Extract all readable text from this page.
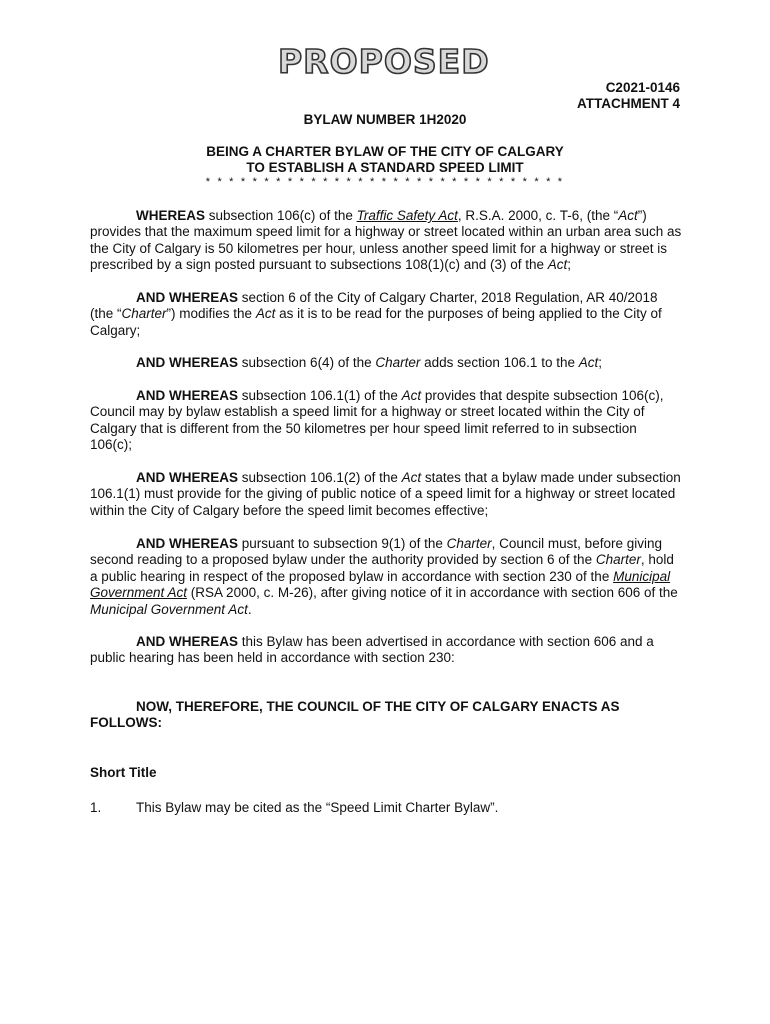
PROPOSED
C2021-0146
ATTACHMENT 4
BYLAW NUMBER 1H2020
BEING A CHARTER BYLAW OF THE CITY OF CALGARY
TO ESTABLISH A STANDARD SPEED LIMIT
* * * * * * * * * * * * * * * * * * * * * * * * * * * * * * *

WHEREAS subsection 106(c) of the Traffic Safety Act, R.S.A. 2000, c. T-6, (the “Act”) provides that the maximum speed limit for a highway or street located within an urban area such as the City of Calgary is 50 kilometres per hour, unless another speed limit for a highway or street is prescribed by a sign posted pursuant to subsections 108(1)(c) and (3) of the Act;

AND WHEREAS section 6 of the City of Calgary Charter, 2018 Regulation, AR 40/2018 (the “Charter”) modifies the Act as it is to be read for the purposes of being applied to the City of Calgary;

AND WHEREAS subsection 6(4) of the Charter adds section 106.1 to the Act;

AND WHEREAS subsection 106.1(1) of the Act provides that despite subsection 106(c), Council may by bylaw establish a speed limit for a highway or street located within the City of Calgary that is different from the 50 kilometres per hour speed limit referred to in subsection 106(c);

AND WHEREAS subsection 106.1(2) of the Act states that a bylaw made under subsection 106.1(1) must provide for the giving of public notice of a speed limit for a highway or street located within the City of Calgary before the speed limit becomes effective;

AND WHEREAS pursuant to subsection 9(1) of the Charter, Council must, before giving second reading to a proposed bylaw under the authority provided by section 6 of the Charter, hold a public hearing in respect of the proposed bylaw in accordance with section 230 of the Municipal Government Act (RSA 2000, c. M-26), after giving notice of it in accordance with section 606 of the Municipal Government Act.

AND WHEREAS this Bylaw has been advertised in accordance with section 606 and a public hearing has been held in accordance with section 230:

NOW, THEREFORE, THE COUNCIL OF THE CITY OF CALGARY ENACTS AS FOLLOWS:

Short Title
1.	This Bylaw may be cited as the “Speed Limit Charter Bylaw”.
